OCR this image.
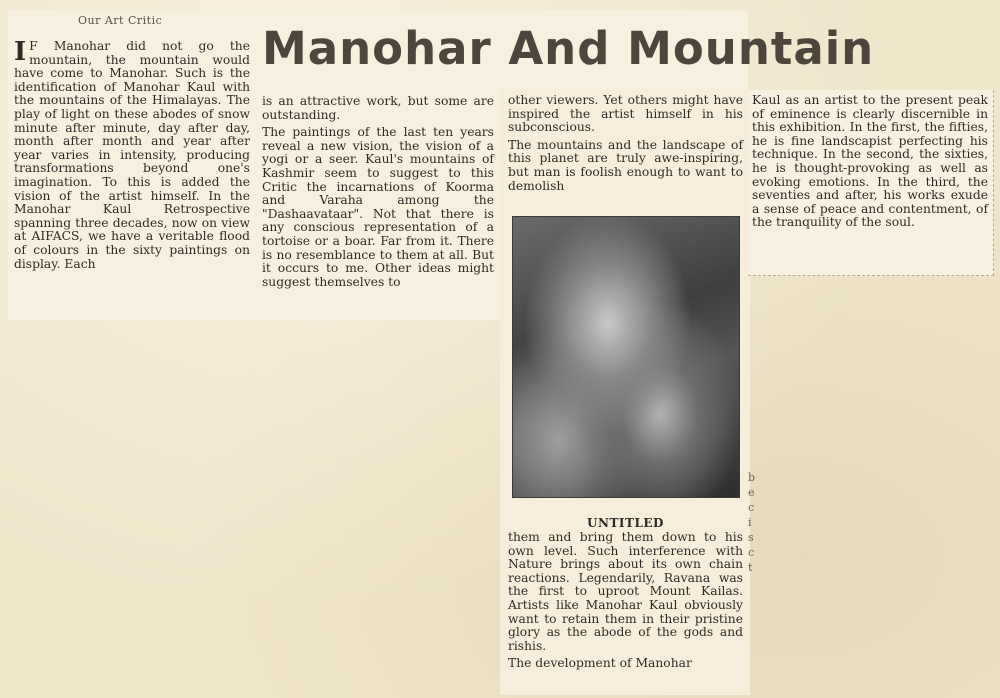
Our Art Critic
Manohar And Mountain
I F Manohar did not go the mountain, the mountain would have come to Manohar. Such is the identification of Manohar Kaul with the mountains of the Himalayas. The play of light on these abodes of snow minute after minute, day after day, month after month and year after year varies in intensity, producing transformations beyond one's imagination. To this is added the vision of the artist himself. In the Manohar Kaul Retrospective spanning three decades, now on view at AIFACS, we have a veritable flood of colours in the sixty paintings on display. Each

is an attractive work, but some are outstanding.

The paintings of the last ten years reveal a new vision, the vision of a yogi or a seer. Kaul's mountains of Kashmir seem to suggest to this Critic the incarnations of Koorma and Varaha among the "Dashaavataar". Not that there is any conscious representation of a tortoise or a boar. Far from it. There is no resemblance to them at all. But it occurs to me. Other ideas might suggest themselves to

other viewers. Yet others might have inspired the artist himself in his subconscious.

The mountains and the landscape of this planet are truly awe-inspiring, but man is foolish enough to want to demolish

UNTITLED

them and bring them down to his own level. Such interference with Nature brings about its own chain reactions. Legendarily, Ravana was the first to uproot Mount Kailas. Artists like Manohar Kaul obviously want to retain them in their pristine glory as the abode of the gods and rishis.

The development of Manohar

Kaul as an artist to the present peak of eminence is clearly discernible in this exhibition. In the first, the fifties, he is fine landscapist perfecting his technique. In the second, the sixties, he is thought-provoking as well as evoking emotions. In the third, the seventies and after, his works exude a sense of peace and contentment, of the tranquility of the soul.
b e c i s c t
